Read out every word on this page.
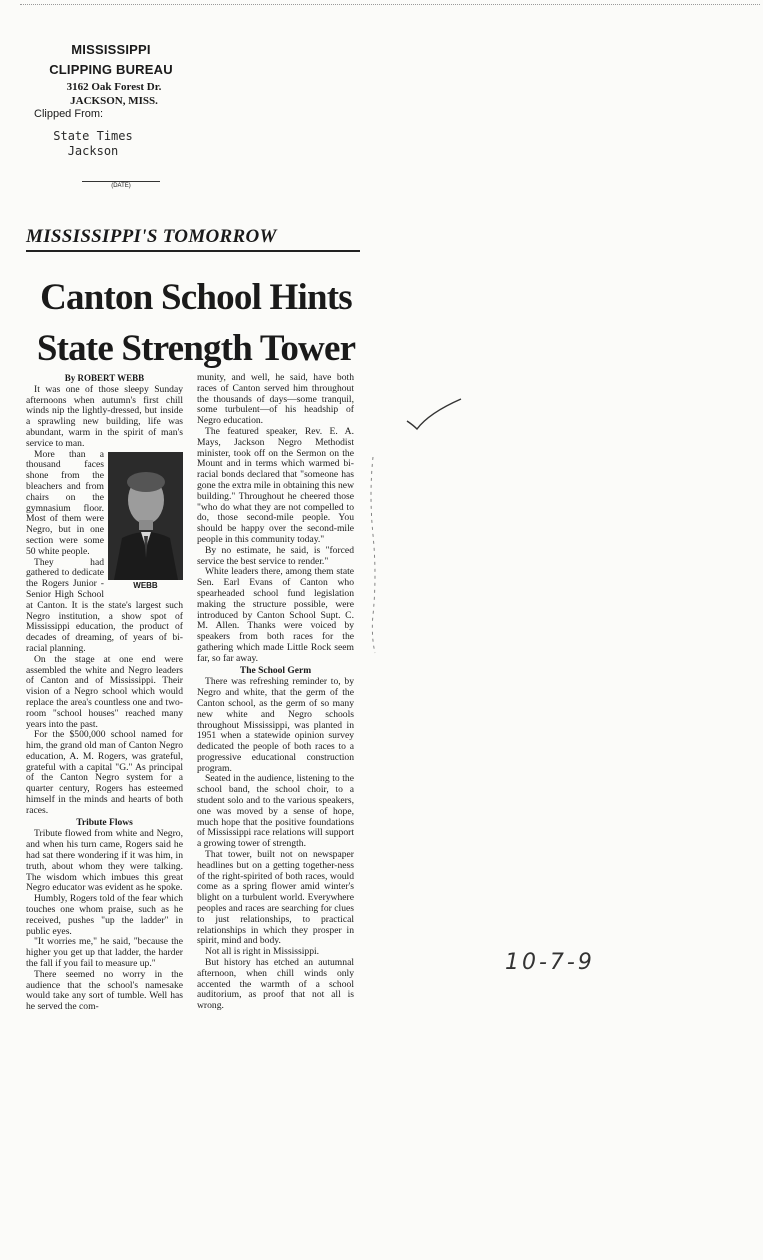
MISSISSIPPI
CLIPPING BUREAU
3162 Oak Forest Dr.
JACKSON, MISS.
Clipped From:
State Times
Jackson
(DATE)
MISSISSIPPI'S TOMORROW
Canton School Hints
State Strength Tower
By ROBERT WEBB

It was one of those sleepy Sunday afternoons when autumn's first chill winds nip the lightly-dressed, but inside a sprawling new building, life was abundant, warm in the spirit of man's service to man.

WEBB

More than a thousand faces shone from the bleachers and from chairs on the gymnasium floor. Most of them were Negro, but in one section were some 50 white people.

They had gathered to dedicate the Rogers Junior - Senior High School at Canton. It is the state's largest such Negro institution, a show spot of Mississippi education, the product of decades of dreaming, of years of bi-racial planning.

On the stage at one end were assembled the white and Negro leaders of Canton and of Mississippi. Their vision of a Negro school which would replace the area's countless one and two-room "school houses" reached many years into the past.

For the $500,000 school named for him, the grand old man of Canton Negro education, A. M. Rogers, was grateful, grateful with a capital "G." As principal of the Canton Negro system for a quarter century, Rogers has esteemed himself in the minds and hearts of both races.

Tribute Flows

Tribute flowed from white and Negro, and when his turn came, Rogers said he had sat there wondering if it was him, in truth, about whom they were talking. The wisdom which imbues this great Negro educator was evident as he spoke.

Humbly, Rogers told of the fear which touches one whom praise, such as he received, pushes "up the ladder" in public eyes.

"It worries me," he said, "because the higher you get up that ladder, the harder the fall if you fail to measure up."

There seemed no worry in the audience that the school's namesake would take any sort of tumble. Well has he served the com-

munity, and well, he said, have both races of Canton served him throughout the thousands of days—some tranquil, some turbulent—of his headship of Negro education.

The featured speaker, Rev. E. A. Mays, Jackson Negro Methodist minister, took off on the Sermon on the Mount and in terms which warmed bi-racial bonds declared that "someone has gone the extra mile in obtaining this new building." Throughout he cheered those "who do what they are not compelled to do, those second-mile people. You should be happy over the second-mile people in this community today."

By no estimate, he said, is "forced service the best service to render."

White leaders there, among them state Sen. Earl Evans of Canton who spearheaded school fund legislation making the structure possible, were introduced by Canton School Supt. C. M. Allen. Thanks were voiced by speakers from both races for the gathering which made Little Rock seem far, so far away.

The School Germ

There was refreshing reminder to, by Negro and white, that the germ of the Canton school, as the germ of so many new white and Negro schools throughout Mississippi, was planted in 1951 when a statewide opinion survey dedicated the people of both races to a progressive educational construction program.

Seated in the audience, listening to the school band, the school choir, to a student solo and to the various speakers, one was moved by a sense of hope, much hope that the positive foundations of Mississippi race relations will support a growing tower of strength.

That tower, built not on newspaper headlines but on a getting together-ness of the right-spirited of both races, would come as a spring flower amid winter's blight on a turbulent world. Everywhere peoples and races are searching for clues to just relationships, to practical relationships in which they prosper in spirit, mind and body.

Not all is right in Mississippi.

But history has etched an autumnal afternoon, when chill winds only accented the warmth of a school auditorium, as proof that not all is wrong.

10-7-9
